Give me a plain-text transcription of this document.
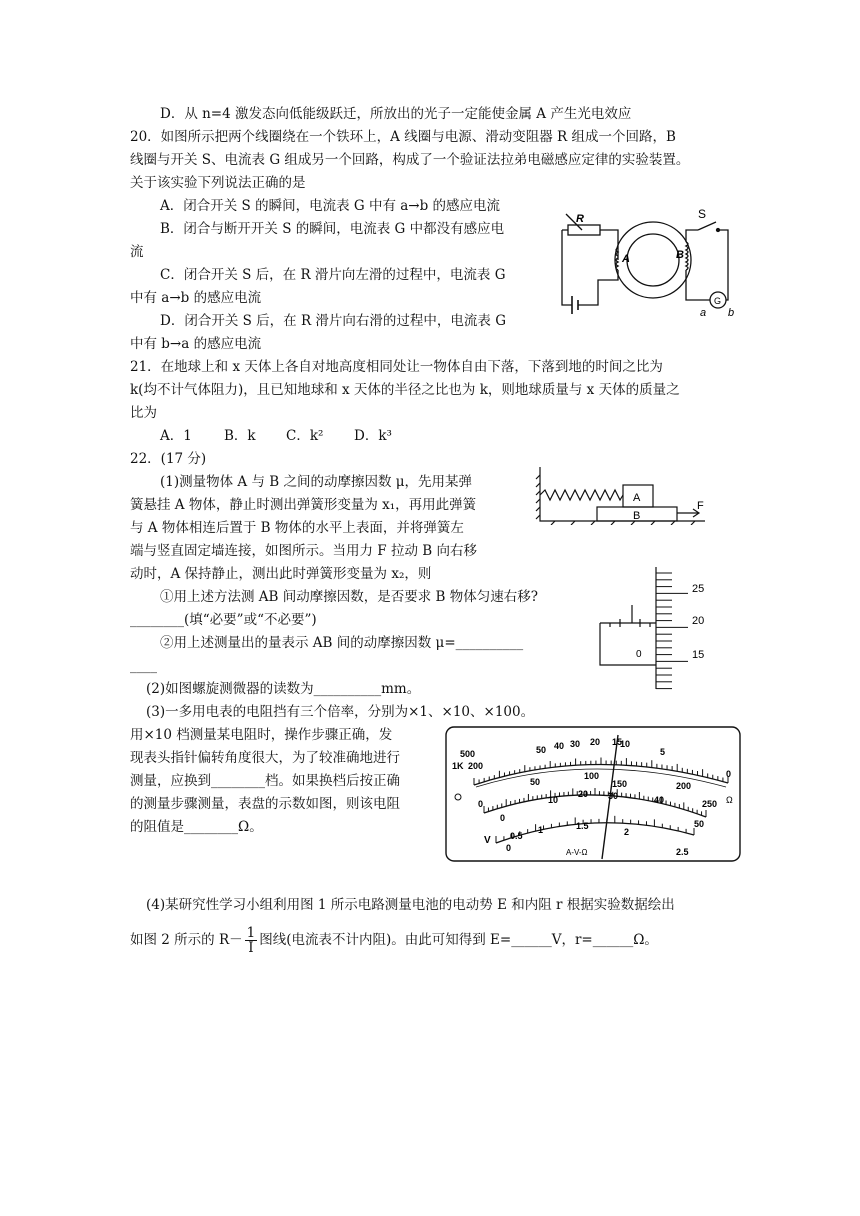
D．从 n=4 激发态向低能级跃迁，所放出的光子一定能使金属 A 产生光电效应
20．如图所示把两个线圈绕在一个铁环上，A 线圈与电源、滑动变阻器 R 组成一个回路，B
线圈与开关 S、电流表 G 组成另一个回路，构成了一个验证法拉弟电磁感应定律的实验装置。
关于该实验下列说法正确的是
A．闭合开关 S 的瞬间，电流表 G 中有 a→b 的感应电流
B．闭合与断开开关 S 的瞬间，电流表 G 中都没有感应电
流
C．闭合开关 S 后，在 R 滑片向左滑的过程中，电流表 G
中有 a→b 的感应电流
D．闭合开关 S 后，在 R 滑片向右滑的过程中，电流表 G
中有 b→a 的感应电流
21．在地球上和 x 天体上各自对地高度相同处让一物体自由下落，下落到地的时间之比为
k(均不计气体阻力)，且已知地球和 x 天体的半径之比也为 k，则地球质量与 x 天体的质量之
比为
A．1 B．k C．k² D．k³
22．(17 分)
(1)测量物体 A 与 B 之间的动摩擦因数 μ，先用某弹
簧悬挂 A 物体，静止时测出弹簧形变量为 x₁，再用此弹簧
与 A 物体相连后置于 B 物体的水平上表面，并将弹簧左
端与竖直固定墙连接，如图所示。当用力 F 拉动 B 向右移
动时，A 保持静止，测出此时弹簧形变量为 x₂，则
①用上述方法测 AB 间动摩擦因数，是否要求 B 物体匀速右移?
________(填“必要”或“不必要”)
②用上述测量出的量表示 AB 间的动摩擦因数 μ=__________
____
(2)如图螺旋测微器的读数为__________mm。
(3)一多用电表的电阻挡有三个倍率，分别为×1、×10、×100。
用×10 档测量某电阻时，操作步骤正确，发
现表头指针偏转角度很大，为了较准确地进行
测量，应换到________档。如果换档后按正确
的测量步骤测量，表盘的示数如图，则该电阻
的阻值是________Ω。
(4)某研究性学习小组利用图 1 所示电路测量电池的电动势 E 和内阻 r 根据实验数据绘出
如图 2 所示的 $R- \frac{1}{I}$ 图线(电流表不计内阻)。由此可知得到 E=______V，r=______Ω。
R
A	B
S
G
a b
A
B
F
25
20
15
0
500
1K 200
50 40 30 20 15
10
5
0
0
50
100
150	200
250
0
10
20 30	40
50
0
0.5
1	1.5
2
2.5
V
A-V-Ω
Ω
